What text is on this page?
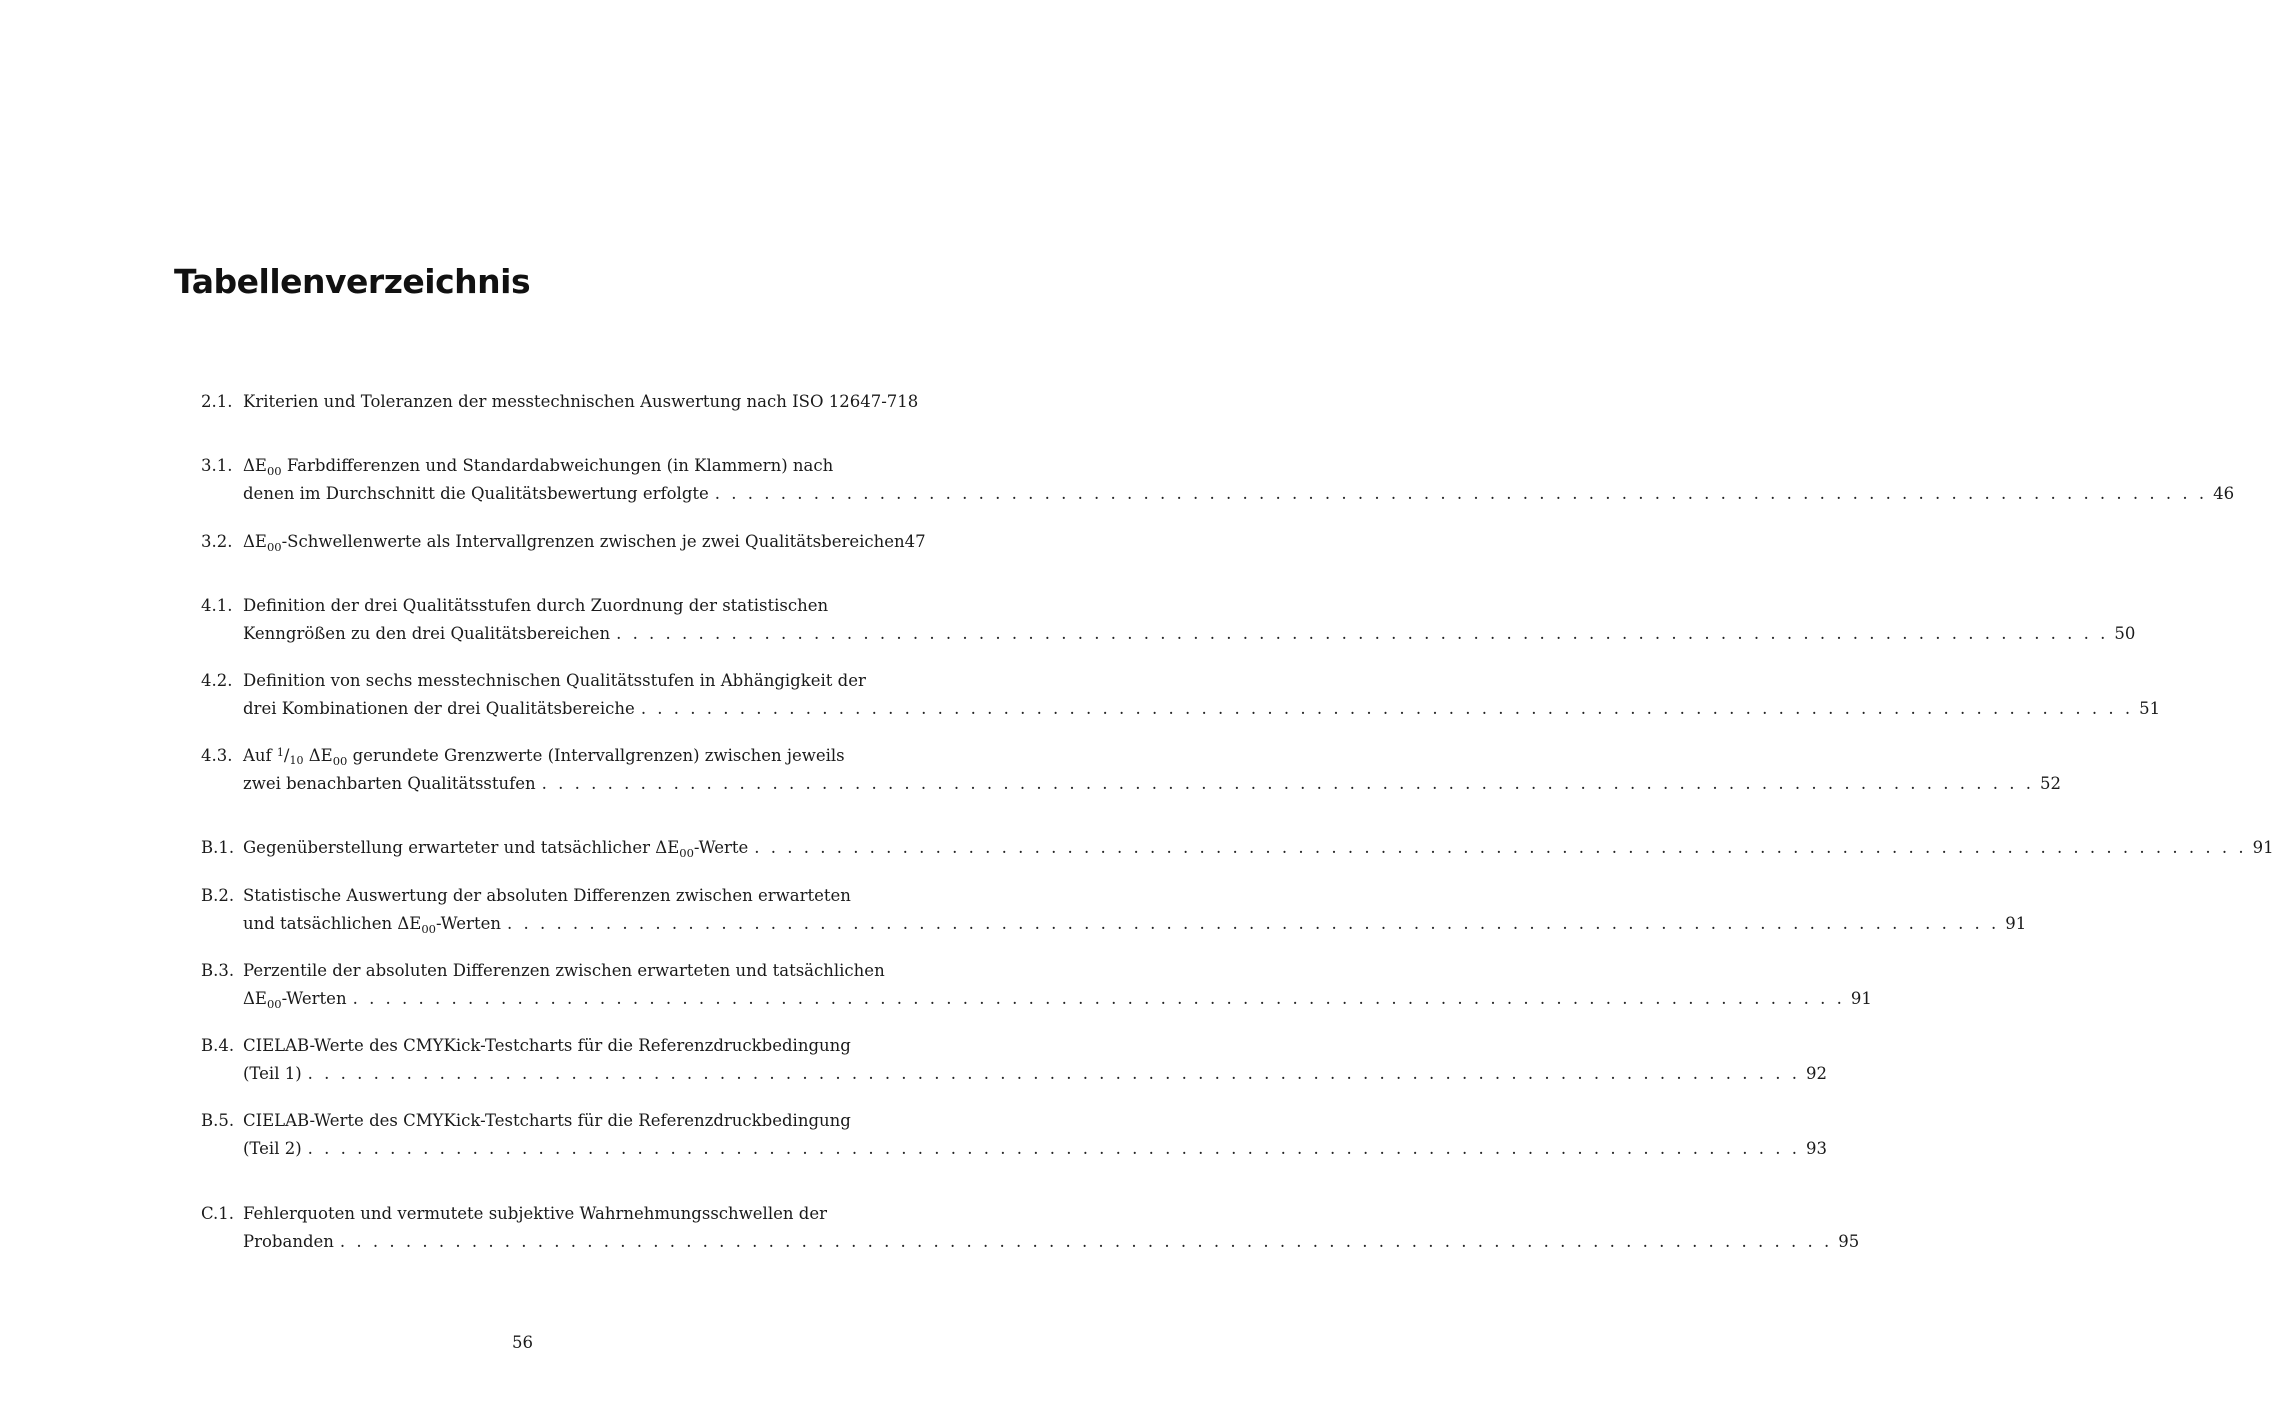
Tabellenverzeichnis
2.1. Kriterien und Toleranzen der messtechnischen Auswertung nach ISO 12647-7 18
3.1. $\Delta E_{00}$ Farbdifferenzen und Standardabweichungen (in Klammern) nach
denen im Durchschnitt die Qualitätsbewertung erfolgte . . .	46
3.2. $\Delta E_{00}$-Schwellenwerte als Intervallgrenzen zwischen je zwei Qualitätsbereichen 47
4.1. Definition der drei Qualitätsstufen durch Zuordnung der statistischen
Kenngrößen zu den drei Qualitätsbereichen . . .	50
4.2. Definition von sechs messtechnischen Qualitätsstufen in Abhängigkeit der
drei Kombinationen der drei Qualitätsbereiche . . .	51
4.3. Auf $^1$/10 $\Delta E_{00}$ gerundete Grenzwerte (Intervallgrenzen) zwischen jeweils
zwei benachbarten Qualitätsstufen . . .	52
B.1. Gegenüberstellung erwarteter und tatsächlicher $\Delta E_{00}$-Werte . . .	91
B.2. Statistische Auswertung der absoluten Differenzen zwischen erwarteten
und tatsächlichen $\Delta E_{00}$-Werten . . .	91
B.3. Perzentile der absoluten Differenzen zwischen erwarteten und tatsächlichen
$\Delta E_{00}$-Werten . . .	91
B.4. CIELAB-Werte des CMYKick-Testcharts für die Referenzdruckbedingung
(Teil 1) . . .	92
B.5. CIELAB-Werte des CMYKick-Testcharts für die Referenzdruckbedingung
(Teil 2) . . .	93
C.1. Fehlerquoten und vermutete subjektive Wahrnehmungsschwellen der
Probanden . . .	95
56
